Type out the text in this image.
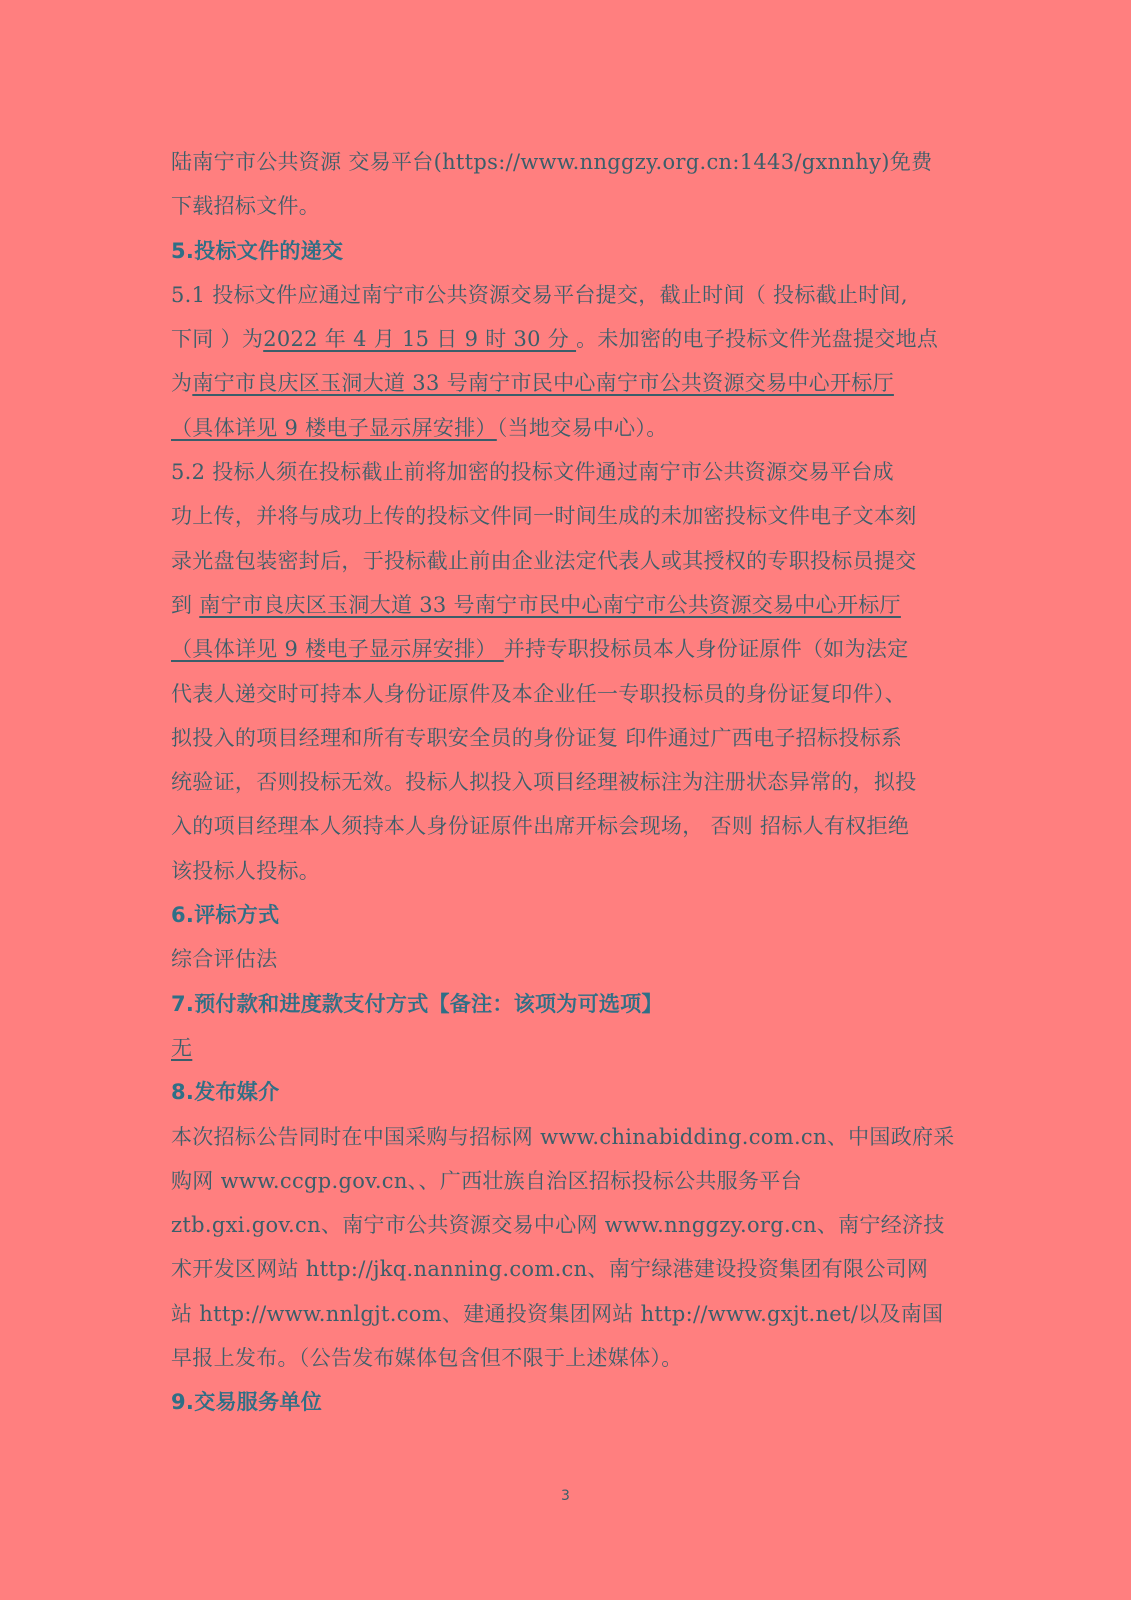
陆南宁市公共资源 交易平台(https://www.nnggzy.org.cn:1443/gxnnhy)免费
下载招标文件。
5.投标文件的递交
5.1 投标文件应通过南宁市公共资源交易平台提交，截止时间（ 投标截止时间,
下同 ）为2022 年 4 月 15 日 9 时 30 分 。未加密的电子投标文件光盘提交地点
为南宁市良庆区玉洞大道 33 号南宁市民中心南宁市公共资源交易中心开标厅
（具体详见 9 楼电子显示屏安排）（当地交易中心）。
5.2 投标人须在投标截止前将加密的投标文件通过南宁市公共资源交易平台成
功上传，并将与成功上传的投标文件同一时间生成的未加密投标文件电子文本刻
录光盘包装密封后，于投标截止前由企业法定代表人或其授权的专职投标员提交
到 南宁市良庆区玉洞大道 33 号南宁市民中心南宁市公共资源交易中心开标厅
（具体详见 9 楼电子显示屏安排） 并持专职投标员本人身份证原件（如为法定
代表人递交时可持本人身份证原件及本企业任一专职投标员的身份证复印件）、
拟投入的项目经理和所有专职安全员的身份证复 印件通过广西电子招标投标系
统验证，否则投标无效。投标人拟投入项目经理被标注为注册状态异常的，拟投
入的项目经理本人须持本人身份证原件出席开标会现场， 否则 招标人有权拒绝
该投标人投标。
6.评标方式
综合评估法
7.预付款和进度款支付方式【备注：该项为可选项】
无
8.发布媒介
本次招标公告同时在中国采购与招标网 www.chinabidding.com.cn、中国政府采
购网 www.ccgp.gov.cn、、广西壮族自治区招标投标公共服务平台
ztb.gxi.gov.cn、南宁市公共资源交易中心网 www.nnggzy.org.cn、南宁经济技
术开发区网站 http://jkq.nanning.com.cn、南宁绿港建设投资集团有限公司网
站 http://www.nnlgjt.com、建通投资集团网站 http://www.gxjt.net/以及南国
早报上发布。（公告发布媒体包含但不限于上述媒体）。
9.交易服务单位
3
